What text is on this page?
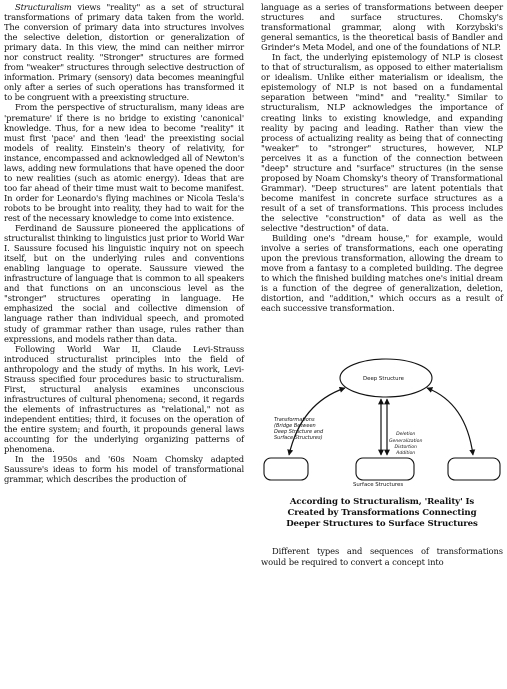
Structuralism views "reality" as a set of structural transformations of primary data taken from the world. The conversion of primary data into structures involves the selective deletion, distortion or generalization of primary data. In this view, the mind can neither mirror nor construct reality. "Stronger" structures are formed from "weaker" structures through selective destruction of information. Primary (sensory) data becomes meaningful only after a series of such operations has transformed it to be congruent with a preexisting structure.

From the perspective of structuralism, many ideas are 'premature' if there is no bridge to existing 'canonical' knowledge. Thus, for a new idea to become "reality" it must first 'pace' and then 'lead' the preexisting social models of reality. Einstein's theory of relativity, for instance, encompassed and acknowledged all of Newton's laws, adding new formulations that have opened the door to new realities (such as atomic energy). Ideas that are too far ahead of their time must wait to become manifest. In order for Leonardo's flying machines or Nicola Tesla's robots to be brought into reality, they had to wait for the rest of the necessary knowledge to come into existence.

Ferdinand de Saussure pioneered the applications of structuralist thinking to linguistics just prior to World War I. Saussure focused his linguistic inquiry not on speech itself, but on the underlying rules and conventions enabling language to operate. Saussure viewed the infrastructure of language that is common to all speakers and that functions on an unconscious level as the "stronger" structures operating in language. He emphasized the social and collective dimension of language rather than individual speech, and promoted study of grammar rather than usage, rules rather than expressions, and models rather than data.

Following World War II, Claude Levi-Strauss introduced structuralist principles into the field of anthropology and the study of myths. In his work, Levi-Strauss specified four procedures basic to structuralism. First, structural analysis examines unconscious infrastructures of cultural phenomena; second, it regards the elements of infrastructures as "relational," not as independent entities; third, it focuses on the operation of the entire system; and fourth, it propounds general laws accounting for the underlying organizing patterns of phenomena.

In the 1950s and '60s Noam Chomsky adapted Saussure's ideas to form his model of transformational grammar, which describes the production of

language as a series of transformations between deeper structures and surface structures. Chomsky's transformational grammar, along with Korzybski's general semantics, is the theoretical basis of Bandler and Grinder's Meta Model, and one of the foundations of NLP.

In fact, the underlying epistemology of NLP is closest to that of structuralism, as opposed to either materialism or idealism. Unlike either materialism or idealism, the epistemology of NLP is not based on a fundamental separation between "mind" and "reality." Similar to structuralism, NLP acknowledges the importance of creating links to existing knowledge, and expanding reality by pacing and leading. Rather than view the process of actualizing reality as being that of connecting "weaker" to "stronger" structures, however, NLP perceives it as a function of the connection between "deep" structure and "surface" structures (in the sense proposed by Noam Chomsky's theory of Transformational Grammar). "Deep structures" are latent potentials that become manifest in concrete surface structures as a result of a set of transformations. This process includes the selective "construction" of data as well as the selective "destruction" of data.

Building one's "dream house," for example, would involve a series of transformations, each one operating upon the previous transformation, allowing the dream to move from a fantasy to a completed building. The degree to which the finished building matches one's initial dream is a function of the degree of generalization, deletion, distortion, and "addition," which occurs as a result of each successive transformation.

Deep Structure
Transformations
(Bridge Between
Deep Structure and
Surface Structures)
Deletion
Generalization
Distortion
Addition
Surface Structures
According to Structuralism, 'Reality' Is
Created by Transformations Connecting
Deeper Structures to Surface Structures

Different types and sequences of transformations would be required to convert a concept into
